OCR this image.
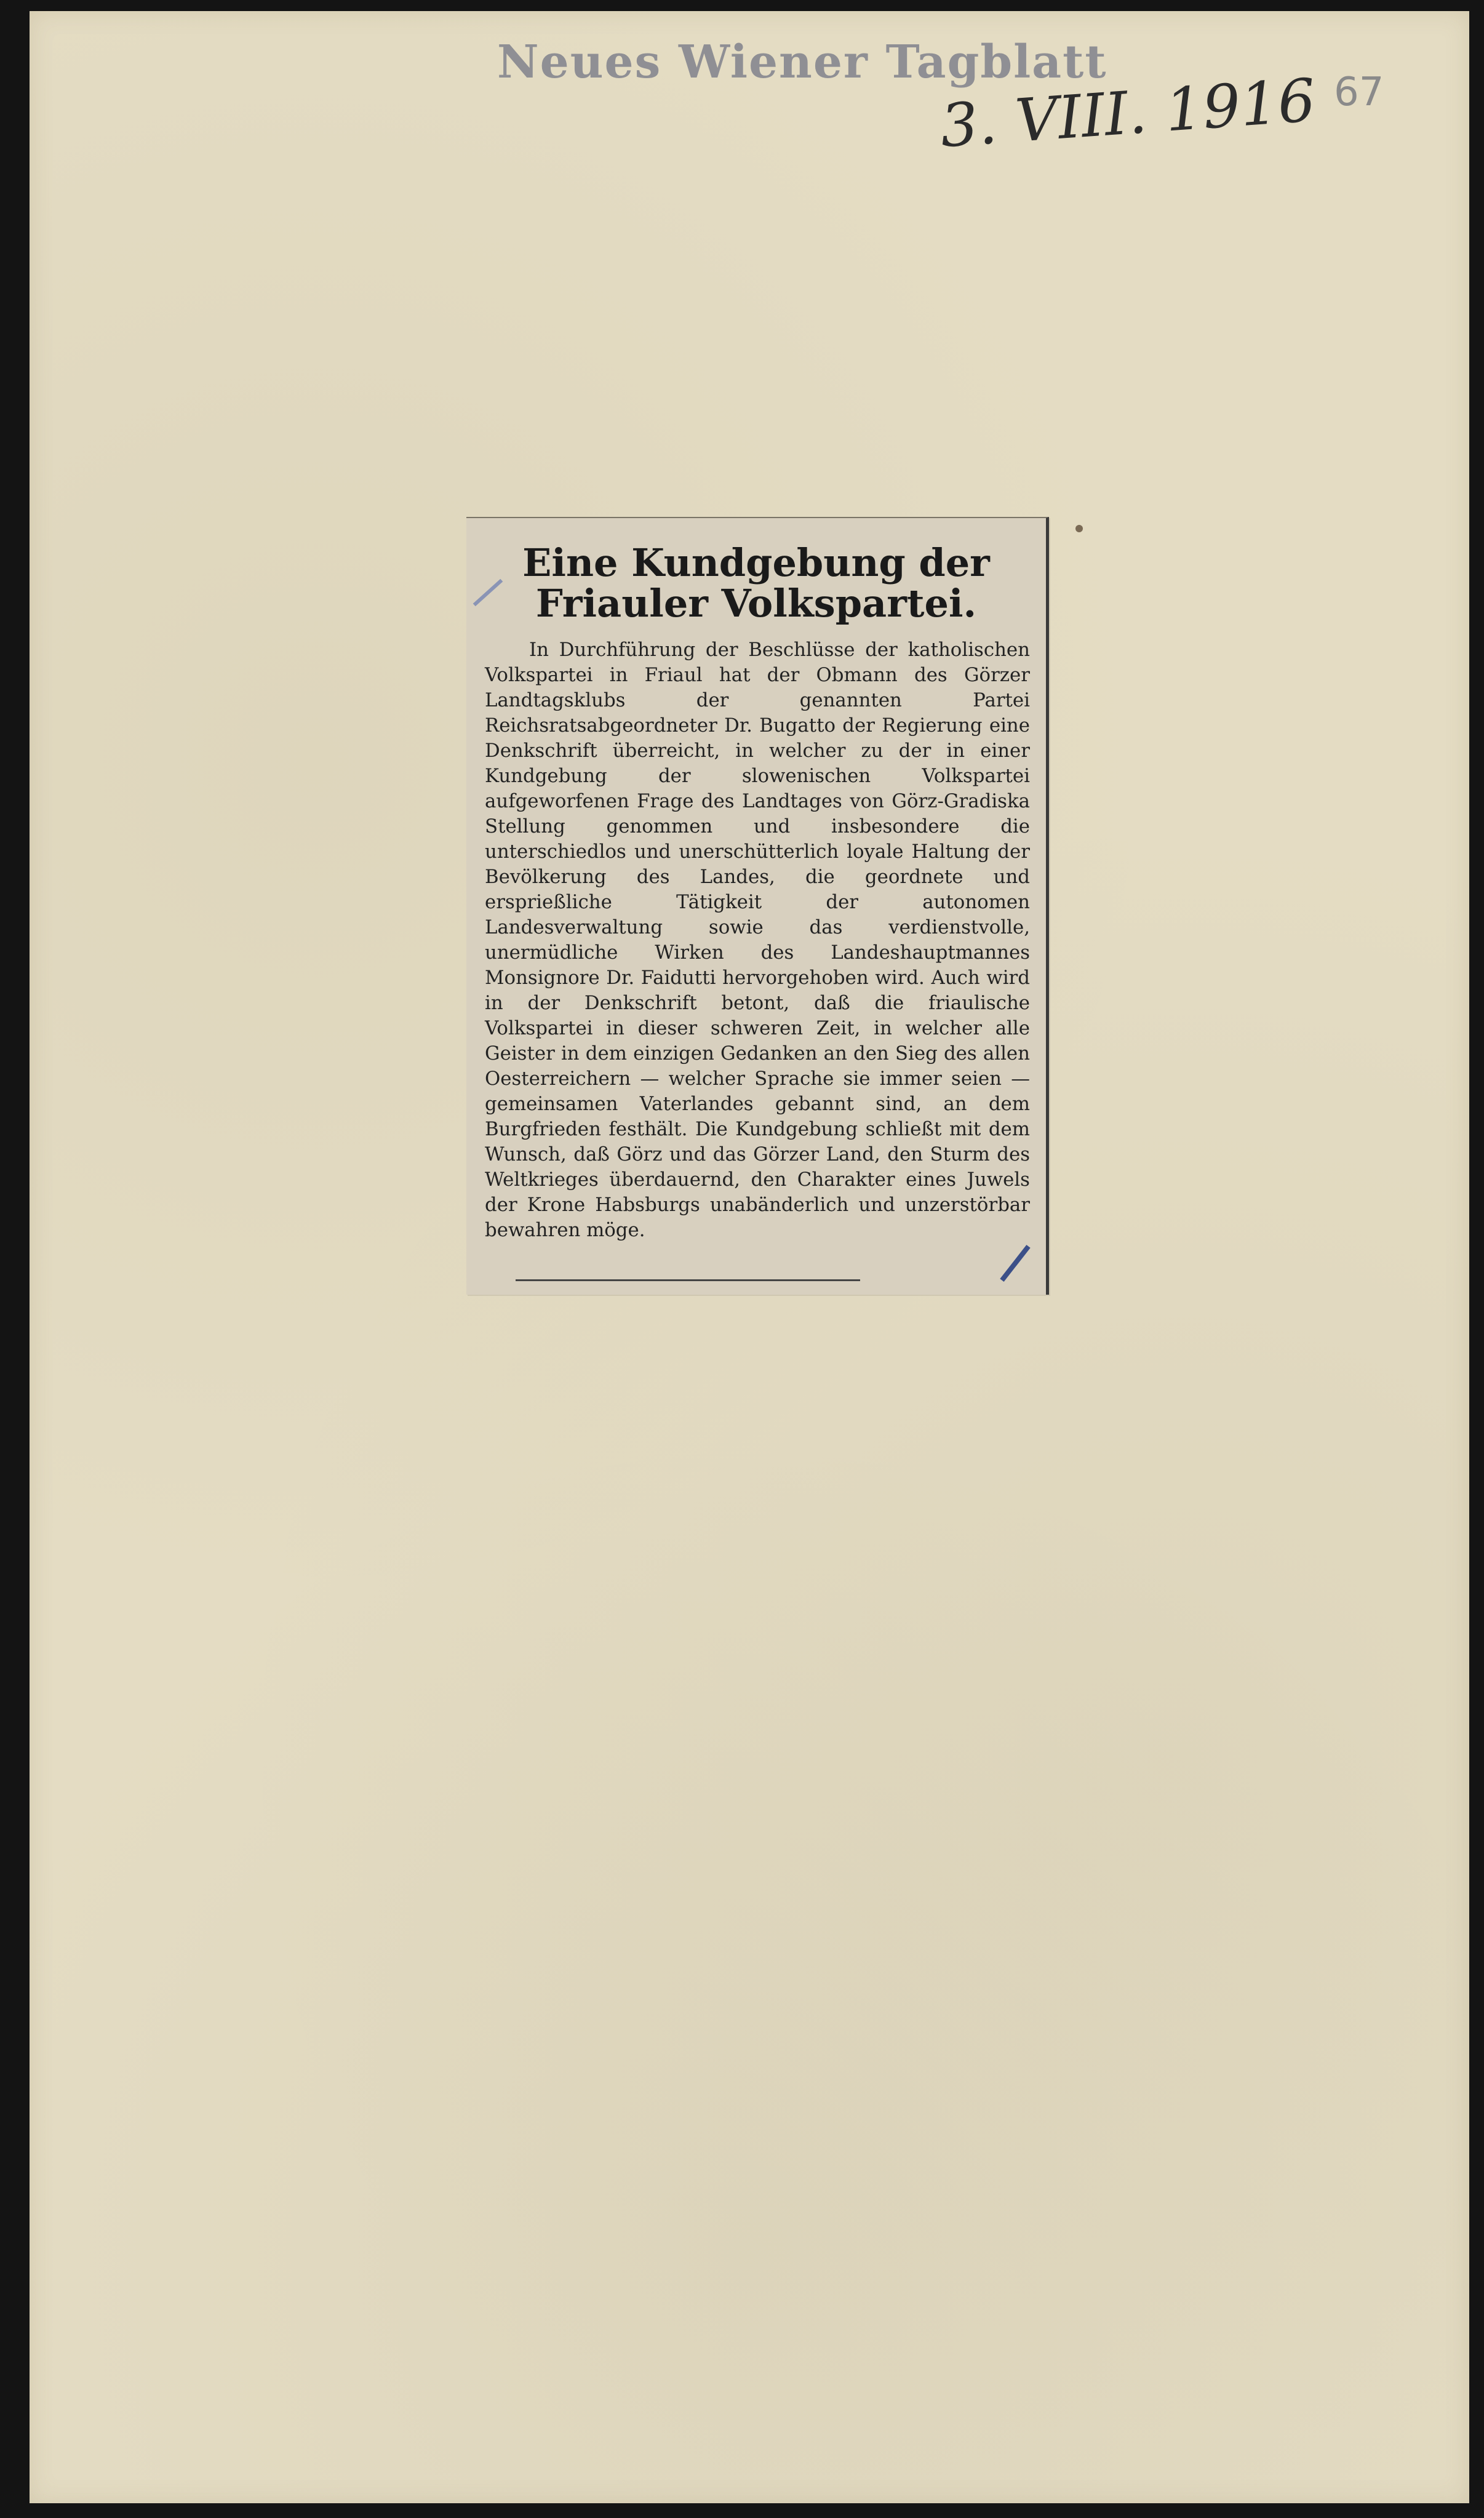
Neues Wiener Tagblatt
3. VIII. 1916 67
Eine Kundgebung der Friauler Volkspartei.
In Durchführung der Beschlüsse der katholischen Volkspartei in Friaul hat der Obmann des Görzer Landtagsklubs der genannten Partei Reichsratsabgeordneter Dr. Bugatto der Regierung eine Denkschrift überreicht, in welcher zu der in einer Kundgebung der slowenischen Volkspartei aufgeworfenen Frage des Landtages von Görz-Gradiska Stellung genommen und insbesondere die unterschiedlos und unerschütterlich loyale Haltung der Bevölkerung des Landes, die geordnete und ersprießliche Tätigkeit der autonomen Landesverwaltung sowie das verdienstvolle, unermüdliche Wirken des Landeshauptmannes Monsignore Dr. Faidutti hervorgehoben wird. Auch wird in der Denkschrift betont, daß die friaulische Volkspartei in dieser schweren Zeit, in welcher alle Geister in dem einzigen Gedanken an den Sieg des allen Oesterreichern — welcher Sprache sie immer seien — gemeinsamen Vaterlandes gebannt sind, an dem Burgfrieden festhält. Die Kundgebung schließt mit dem Wunsch, daß Görz und das Görzer Land, den Sturm des Weltkrieges überdauernd, den Charakter eines Juwels der Krone Habsburgs unabänderlich und unzerstörbar bewahren möge.
